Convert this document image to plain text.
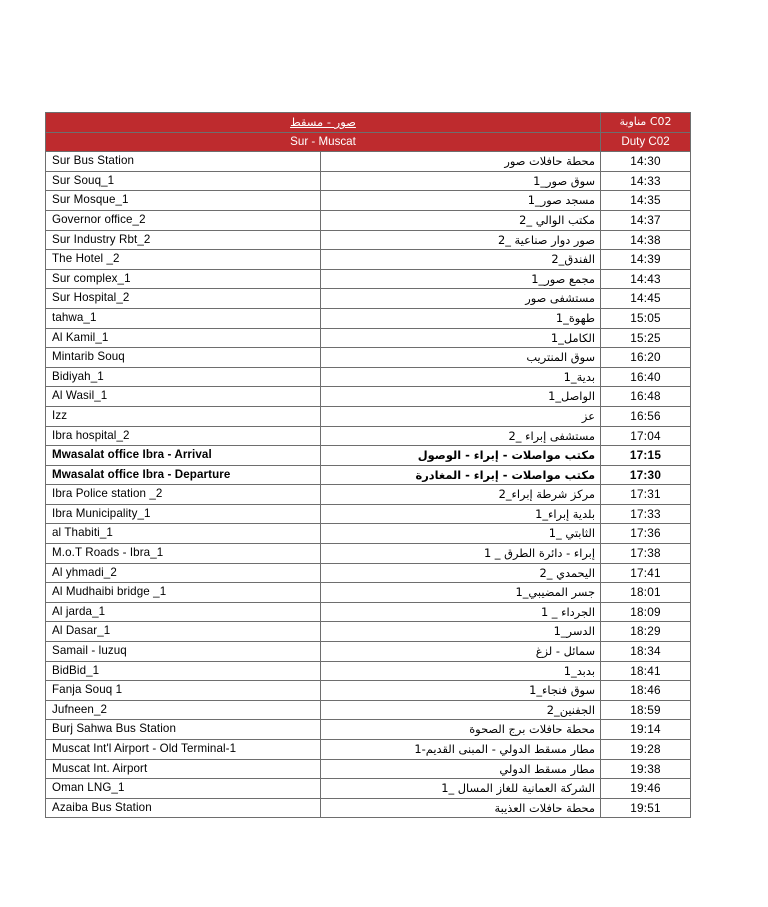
صور - مسقط		مناوبة C02
Sur - Muscat		Duty C02
Sur Bus Station	محطة حافلات صور	14:30
Sur Souq_1	سوق صور_1	14:33
Sur Mosque_1	مسجد صور_1	14:35
Governor office_2	مكتب الوالي _2	14:37
Sur Industry Rbt_2	صور دوار صناعية _2	14:38
The Hotel _2	الفندق_2	14:39
Sur complex_1	مجمع صور_1	14:43
Sur Hospital_2	مستشفى صور	14:45
tahwa_1	طهوة_1	15:05
Al Kamil_1	الكامل_1	15:25
Mintarib Souq	سوق المنتريب	16:20
Bidiyah_1	بدية_1	16:40
Al Wasil_1	الواصل_1	16:48
Izz	عز	16:56
Ibra hospital_2	مستشفى إبراء _2	17:04
Mwasalat office Ibra - Arrival	مكتب مواصلات - إبراء - الوصول	17:15
Mwasalat office Ibra - Departure	مكتب مواصلات - إبراء - المغادرة	17:30
Ibra Police station _2	مركز شرطة إبراء_2	17:31
Ibra Municipality_1	بلدية إبراء_1	17:33
al Thabiti_1	الثابتي _1	17:36
M.o.T Roads - Ibra_1	إبراء - دائرة الطرق _ 1	17:38
Al yhmadi_2	اليحمدي _2	17:41
Al Mudhaibi bridge _1	جسر المضيبي_1	18:01
Al jarda_1	الجرداء _ 1	18:09
Al Dasar_1	الدسر_1	18:29
Samail - luzuq	سمائل - لزغ	18:34
BidBid_1	بدبد_1	18:41
Fanja Souq 1	سوق فنجاء_1	18:46
Jufneen_2	الجفنين_2	18:59
Burj Sahwa Bus Station	محطة حافلات برج الصحوة	19:14
Muscat Int'l Airport - Old Terminal-1	مطار مسقط الدولي - المبنى القديم-1	19:28
Muscat Int. Airport	مطار مسقط الدولي	19:38
Oman LNG_1	الشركة العمانية للغاز المسال _1	19:46
Azaiba Bus Station	محطة حافلات العذيبة	19:51
